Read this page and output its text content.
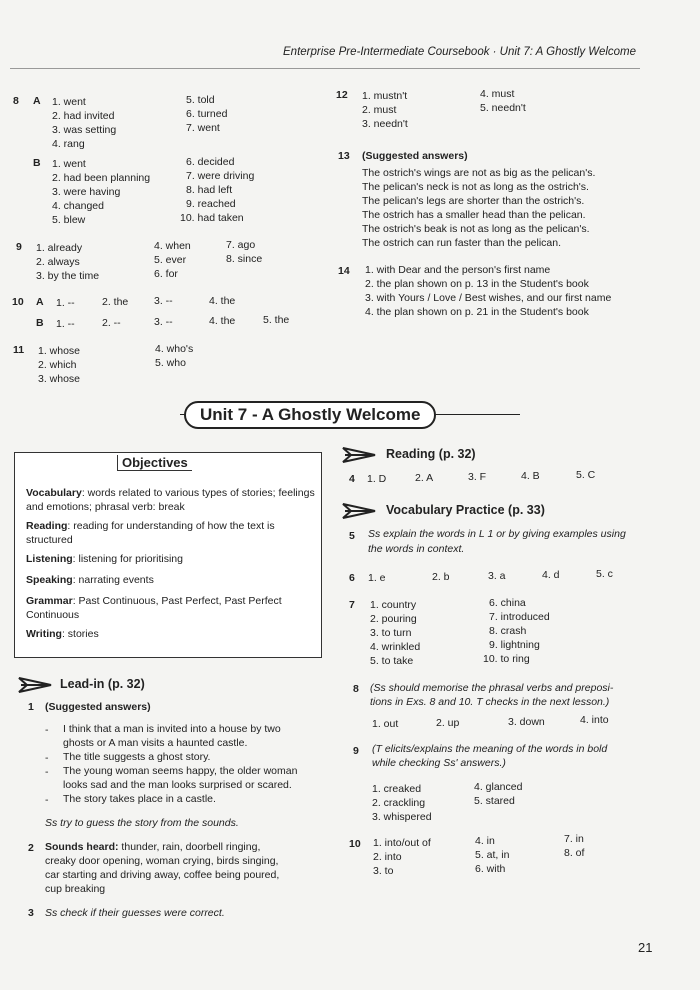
Enterprise Pre-Intermediate Coursebook · Unit 7: A Ghostly Welcome
8 A 1. went
2. had invited
3. was setting
4. rang
5. told
6. turned
7. went
B 1. went
2. had been planning
3. were having
4. changed
5. blew
6. decided
7. were driving
8. had left
9. reached
10. had taken
9 1. already
2. always
3. by the time
4. when
5. ever
6. for
7. ago
8. since
10 A 1. --	2. the 3. --	4. the
B 1. --	2. --	3. --	4. the	5. the
11 1. whose
2. which
3. whose
4. who's
5. who
12 1. mustn't
2. must
3. needn't
4. must
5. needn't
13 (Suggested answers)
The ostrich's wings are not as big as the pelican's.
The pelican's neck is not as long as the ostrich's.
The pelican's legs are shorter than the ostrich's.
The ostrich has a smaller head than the pelican.
The ostrich's beak is not as long as the pelican's.
The ostrich can run faster than the pelican.
14 1. with Dear and the person's first name
2. the plan shown on p. 13 in the Student's book
3. with Yours / Love / Best wishes, and our first name
4. the plan shown on p. 21 in the Student's book
Unit 7 - A Ghostly Welcome
Objectives
Vocabulary: words related to various types of stories; feelings and emotions; phrasal verb: break
Reading: reading for understanding of how the text is structured
Listening: listening for prioritising
Speaking: narrating events
Grammar: Past Continuous, Past Perfect, Past Perfect Continuous
Writing: stories
Lead-in (p. 32)
1 (Suggested answers)
- I think that a man is invited into a house by two
ghosts or A man visits a haunted castle.
- The title suggests a ghost story.
- The young woman seems happy, the older woman
looks sad and the man looks surprised or scared.
- The story takes place in a castle.
Ss try to guess the story from the sounds.
2 Sounds heard: thunder, rain, doorbell ringing,
creaky door opening, woman crying, birds singing,
car starting and driving away, coffee being poured,
cup breaking
3 Ss check if their guesses were correct.
Reading (p. 32)
4 1. D	2. A	3. F	4. B	5. C
Vocabulary Practice (p. 33)
5 Ss explain the words in L 1 or by giving examples using
the words in context.
6 1. e	2. b	3. a	4. d	5. c
7 1. country
2. pouring
3. to turn
4. wrinkled
5. to take
6. china
7. introduced
8. crash
9. lightning
10. to ring
8 (Ss should memorise the phrasal verbs and preposi-
tions in Exs. 8 and 10. T checks in the next lesson.)
1. out	2. up	3. down	4. into
9 (T elicits/explains the meaning of the words in bold
while checking Ss' answers.)
1. creaked
2. crackling
3. whispered
4. glanced
5. stared
10 1. into/out of
2. into
3. to
4. in
5. at, in
6. with
7. in
8. of
21
